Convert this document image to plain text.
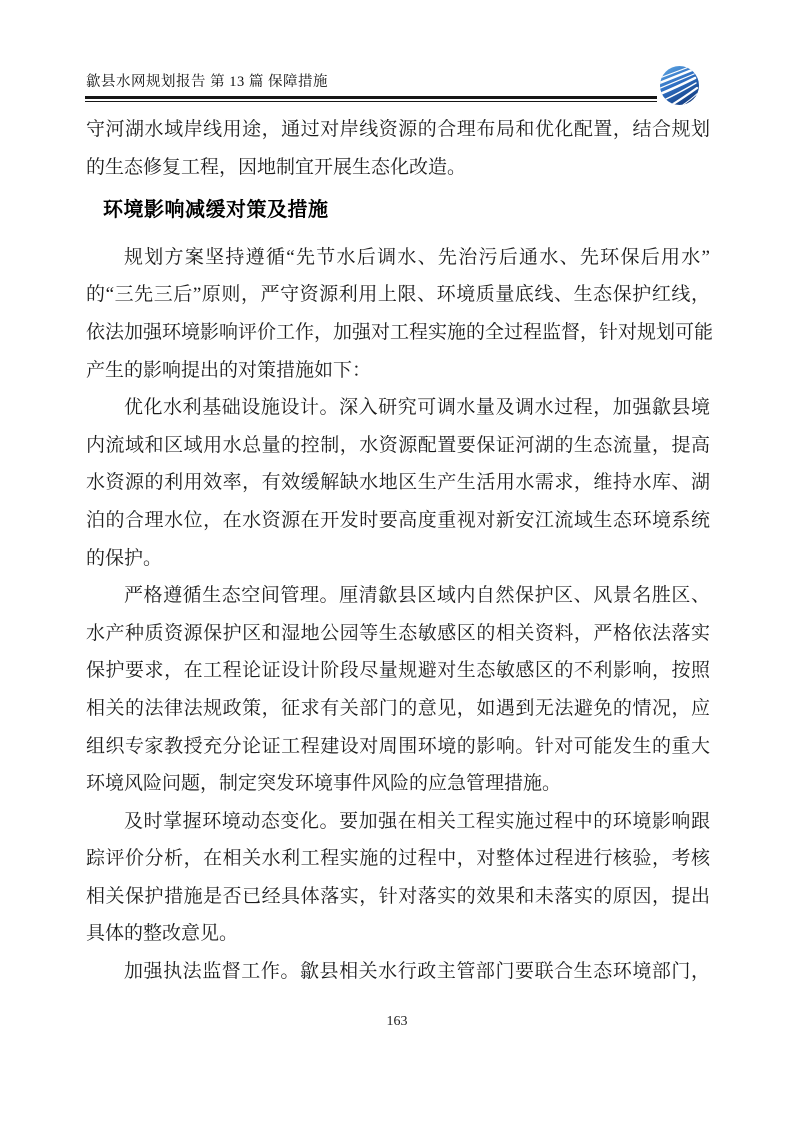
歙县水网规划报告 第 13 篇 保障措施
守河湖水域岸线用途，通过对岸线资源的合理布局和优化配置，结合规划
的生态修复工程，因地制宜开展生态化改造。
环境影响减缓对策及措施
规划方案坚持遵循“先节水后调水、先治污后通水、先环保后用水”
的“三先三后”原则，严守资源利用上限、环境质量底线、生态保护红线，
依法加强环境影响评价工作，加强对工程实施的全过程监督，针对规划可能
产生的影响提出的对策措施如下：
优化水利基础设施设计。深入研究可调水量及调水过程，加强歙县境
内流域和区域用水总量的控制，水资源配置要保证河湖的生态流量，提高
水资源的利用效率，有效缓解缺水地区生产生活用水需求，维持水库、湖
泊的合理水位，在水资源在开发时要高度重视对新安江流域生态环境系统
的保护。
严格遵循生态空间管理。厘清歙县区域内自然保护区、风景名胜区、
水产种质资源保护区和湿地公园等生态敏感区的相关资料，严格依法落实
保护要求，在工程论证设计阶段尽量规避对生态敏感区的不利影响，按照
相关的法律法规政策，征求有关部门的意见，如遇到无法避免的情况，应
组织专家教授充分论证工程建设对周围环境的影响。针对可能发生的重大
环境风险问题，制定突发环境事件风险的应急管理措施。
及时掌握环境动态变化。要加强在相关工程实施过程中的环境影响跟
踪评价分析，在相关水利工程实施的过程中，对整体过程进行核验，考核
相关保护措施是否已经具体落实，针对落实的效果和未落实的原因，提出
具体的整改意见。
加强执法监督工作。歙县相关水行政主管部门要联合生态环境部门，
163
